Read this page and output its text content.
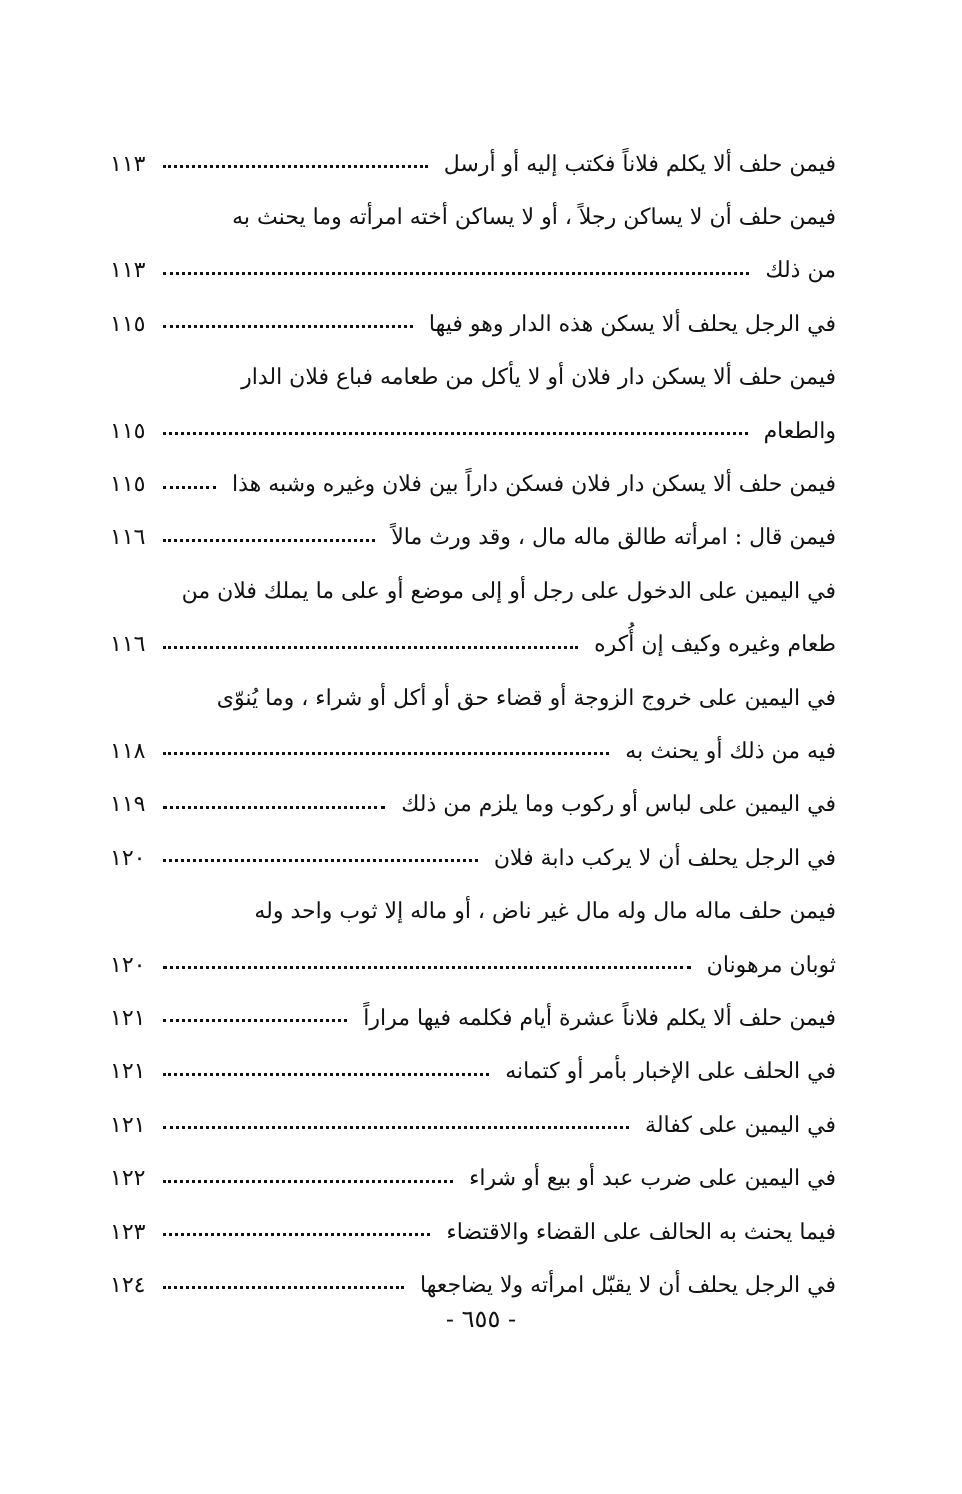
فيمن حلف ألا يكلم فلاناً فكتب إليه أو أرسل
١١٣
فيمن حلف أن لا يساكن رجلاً ، أو لا يساكن أخته امرأته وما يحنث به
من ذلك
١١٣
في الرجل يحلف ألا يسكن هذه الدار وهو فيها
١١٥
فيمن حلف ألا يسكن دار فلان أو لا يأكل من طعامه فباع فلان الدار
والطعام
١١٥
فيمن حلف ألا يسكن دار فلان فسكن داراً بين فلان وغيره وشبه هذا
١١٥
فيمن قال : امرأته طالق ماله مال ، وقد ورث مالاً
١١٦
في اليمين على الدخول على رجل أو إلى موضع أو على ما يملك فلان من
طعام وغيره وكيف إن أُكره
١١٦
في اليمين على خروج الزوجة أو قضاء حق أو أكل أو شراء ، وما يُنوّى
فيه من ذلك أو يحنث به
١١٨
في اليمين على لباس أو ركوب وما يلزم من ذلك
١١٩
في الرجل يحلف أن لا يركب دابة فلان
١٢٠
فيمن حلف ماله مال وله مال غير ناض ، أو ماله إلا ثوب واحد وله
ثوبان مرهونان
١٢٠
فيمن حلف ألا يكلم فلاناً عشرة أيام فكلمه فيها مراراً
١٢١
في الحلف على الإخبار بأمر أو كتمانه
١٢١
في اليمين على كفالة
١٢١
في اليمين على ضرب عبد أو بيع أو شراء
١٢٢
فيما يحنث به الحالف على القضاء والاقتضاء
١٢٣
في الرجل يحلف أن لا يقبّل امرأته ولا يضاجعها
١٢٤
- ٦٥٥ -
